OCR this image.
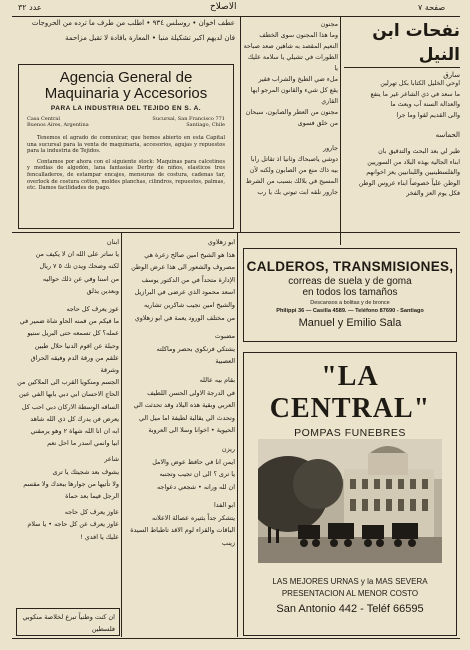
عدد ٣٢	الاصلاح	صفحة ٧
عطف اخوان • روسلس ٩٣٤ • اطلب من طرف ما ترده من الحروجات
فان لديهم اكبر تشكيلة منبا • المعارة بافادة لا تقبل مزاحمة
Agencia General de
Maquinaria y Accesorios
PARA LA INDUSTRIA DEL TEJIDO EN S. A.
Casa Central
Buenos Aires, Argentina
Sucursal, San Francisco 771
Santiago, Chile
Tenemos el agrado de comunicar, que hemos abierto en esta Capital una sucursal para la venta de maquinaria, accesorios, agujas y repuestos para la industria de Tejidos.
Contamos por ahora con el siguiente stock: Maquinas para calcetines y medias de algodón, lana fantasías Derby de niños, elasticos tres fencalladeros, de estampar encajes, mensuras de costura, cadenas tar, overlock de costura cotton, moldes planchas, cilindros, repuestos, palmas, etc. Damos facilidades de pago.
نفحات ابن النيل
سارق
اوحي الخليل الكتابا بكل تهرلين
ما سعد في ذي الشاعر غير ما ينفع
والعدالة السنة آب وبعث ما
والى القديم لقوا وما جرا
الحماسه
طير لي بعد البحث والتدقيق بان
ابناء الجالية بهذه البلاد من السوريين
والفلسطينيين واللبنانيين يعز اخوانهم
الوطن علياً خصوصاً ابناء عروس الوطن
فكل يوم العز والفخر
مجنون
وما هذا المجنون سوى الخطف
النعيم المقصد به شاهين صعد صباحة
الطورات في تشيلي يا سلامة عليك يا
ملء ضي الطبخ والشراب فقير
يقع كل شيء والقانون المرجو ايها القاري
مجنون من العطر والصابون، سبحان
من خلق فسوى
جارور
دوشي ياصبحاك وثانيا اذ تقاتل رابا
بيه ذاك منع من الصابون ولكنه لأن
المسيح في بلالك بسبب من الشرط
جارور نلقه ابت تيوني بك يا رب
CALDEROS, TRANSMISIONES,
correas de suela y de goma
en todos los tamaños
Descansos a bolitas y de bronce
Philippi 36 — Casilla 4589. — Teléfono 87690 - Santiago
Manuel y Emilio Sala
"LA CENTRAL"
POMPAS FUNEBRES
LAS MEJORES URNAS y la MAS SEVERA
PRESENTACION AL MENOR COSTO
San Antonio 442 - Teléf 66595
ابو زهلاوي
هذا هو الشيخ امين صالح زعرة هي
مصروف والشعور الى هذا عرض الوطن
الإدارة متحداً في من الدكتور يوسف
اسعد محمود الذي عرضى في البرازيل
والشيخ امين نجيب شاكرين تشاريه
من مختلف الورود يعمة في ابو زهلاوي
مضبوت
يشتكي فرنكوي بحصر وماكلته
العصبية
بقام بيه عالله
في الدرجة الاولى الحسن اللطيف
العربي وبقية هذه البلاد وقد تحدثت الي
وتحدث الي يقالبة لطيفة اما ميل الي
الحيوية • اخوانا وسلا الى العروبة
ريزن
ايمن انا في حافظ عوض والامل
يا ترى ؟ الى ان تجيب وتجنبه
ان لله ورانه • شجعي دعواجه
ابو الفدا
يتشكر جداً بثتيره عصالة الاعلانه
الباقات والقزاء لوم الاقد تاطباط السيدة
زينب
ابنان
يا ساتر على الله ان لا يكيف من
لكنه وضحك ويدن تك ٥ ٧ ريال
من اسنا وفي عن ذلك حواليه
وبعدين يذلق
عوز يعرف كل حاجه
ما فيكم من فمنه الحاو شاة ضمير في
عمله؟ كل تسمعه حتى البريل سنيو
وحبلة عن اقوم الدنيا حلال طبين
علقم من ورقة الدم وفيقه الحراق وشرقة
الجسم ومنكويا القرب الى الملاكين من
الحاج الاحسان ابي دبي بابها الفي عين
الساقه الوسطة الاركان دبي احب كل
يعرض فن يدرك كل ذي الله شاهد
ابه ان انا الله شهاة ٢ وهو يرمقني
ابيا وانمي اسدر ما احل نعم
شاعر
يشوف بعد شجيتك يا ترى
ولا تأتيها من جوارها ببعدك ولا مقسم
الرجل فيما بعد حماة
عاوز يعرف كل حاجه
عاوز يعرف عن كل حاجه • يا سلام
عليك يا افدي !
ان كنت وطنياً تبرع لخلاصة منكوبي فلسطين
